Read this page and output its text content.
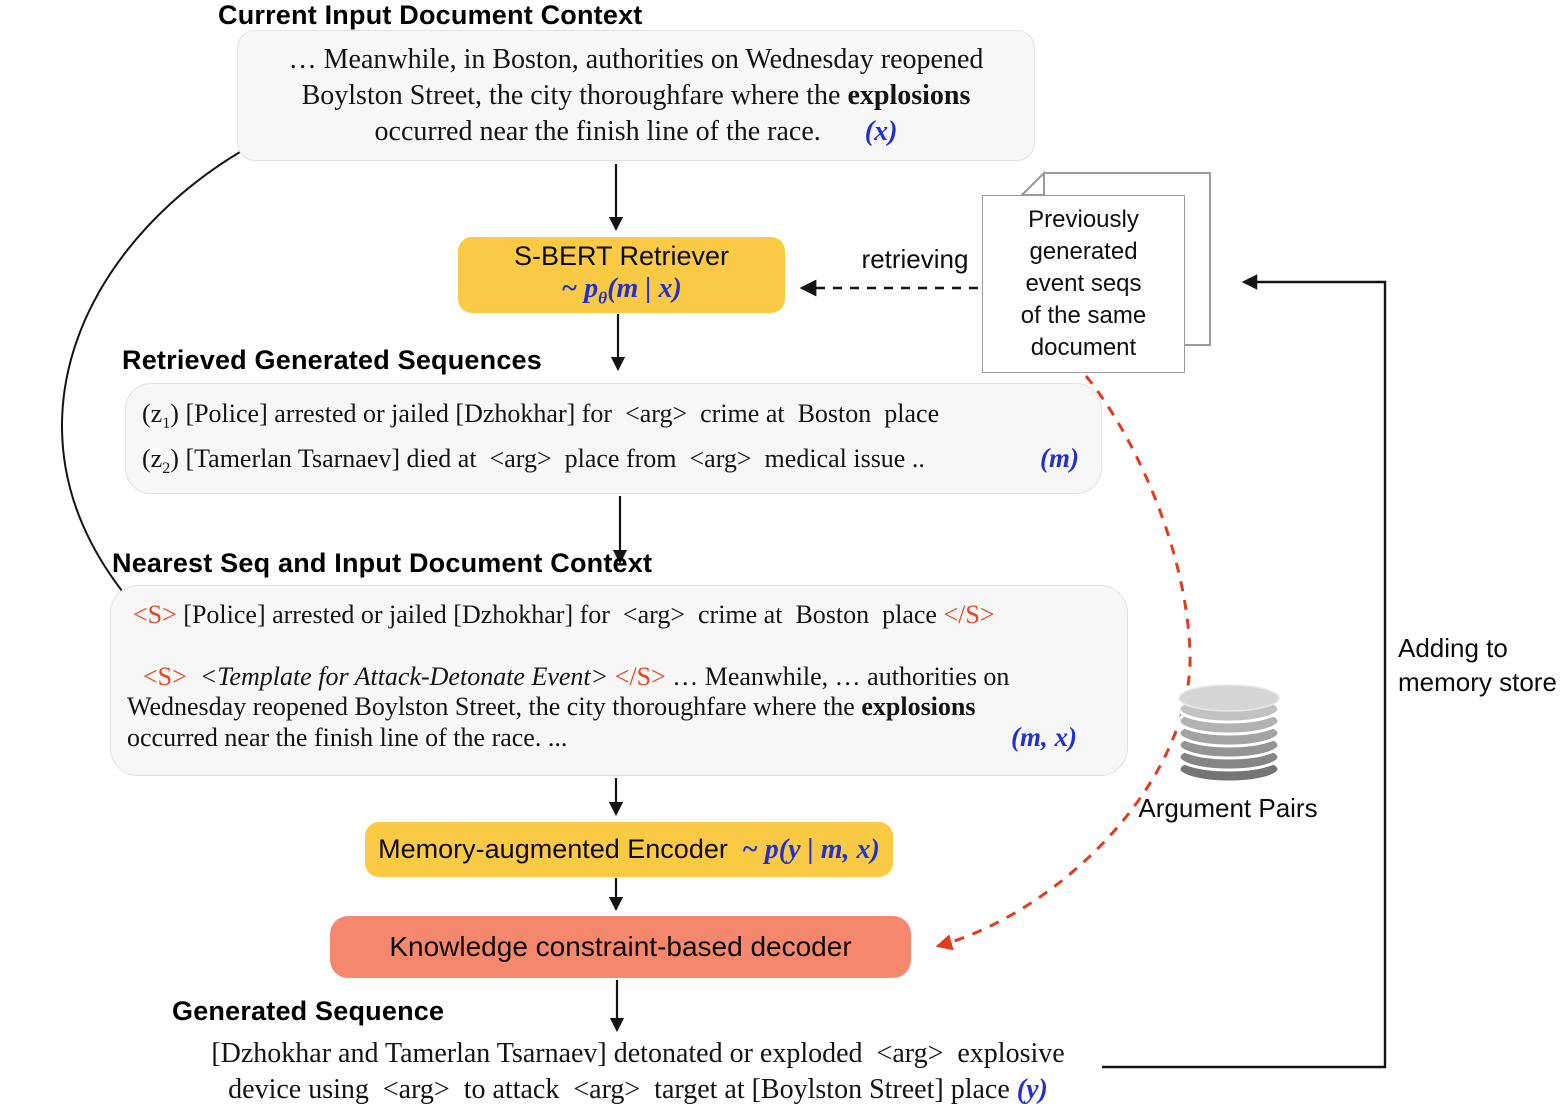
Current Input Document Context
… Meanwhile, in Boston, authorities on Wednesday reopened
Boylston Street, the city thoroughfare where the explosions
occurred near the finish line of the race. (x)
S-BERT Retriever
~ $p_\theta(m$ | x)
retrieving
Previously
generated
event seqs
of the same
document
Retrieved Generated Sequences
$(z_1)$ [Police] arrested or jailed [Dzhokhar] for  <arg>  crime at  Boston  place
$(z_2)$ [Tamerlan Tsarnaev] died at  <arg>  place from  <arg>  medical issue ..	(m)
Nearest Seq and Input Document Context
<S> [Police] arrested or jailed [Dzhokhar] for  <arg>  crime at  Boston  place </S>
<S>  <Template for Attack-Detonate Event> </S> … Meanwhile, … authorities on
Wednesday reopened Boylston Street, the city thoroughfare where the explosions
occurred near the finish line of the race. ...	(m, x)
Memory-augmented Encoder ~ p(y | m, x)
Knowledge constraint-based decoder
Generated Sequence
[Dzhokhar and Tamerlan Tsarnaev] detonated or exploded  <arg>  explosive
device using  <arg>  to attack  <arg>  target at [Boylston Street] place (y)
Argument Pairs
Adding to
memory store
